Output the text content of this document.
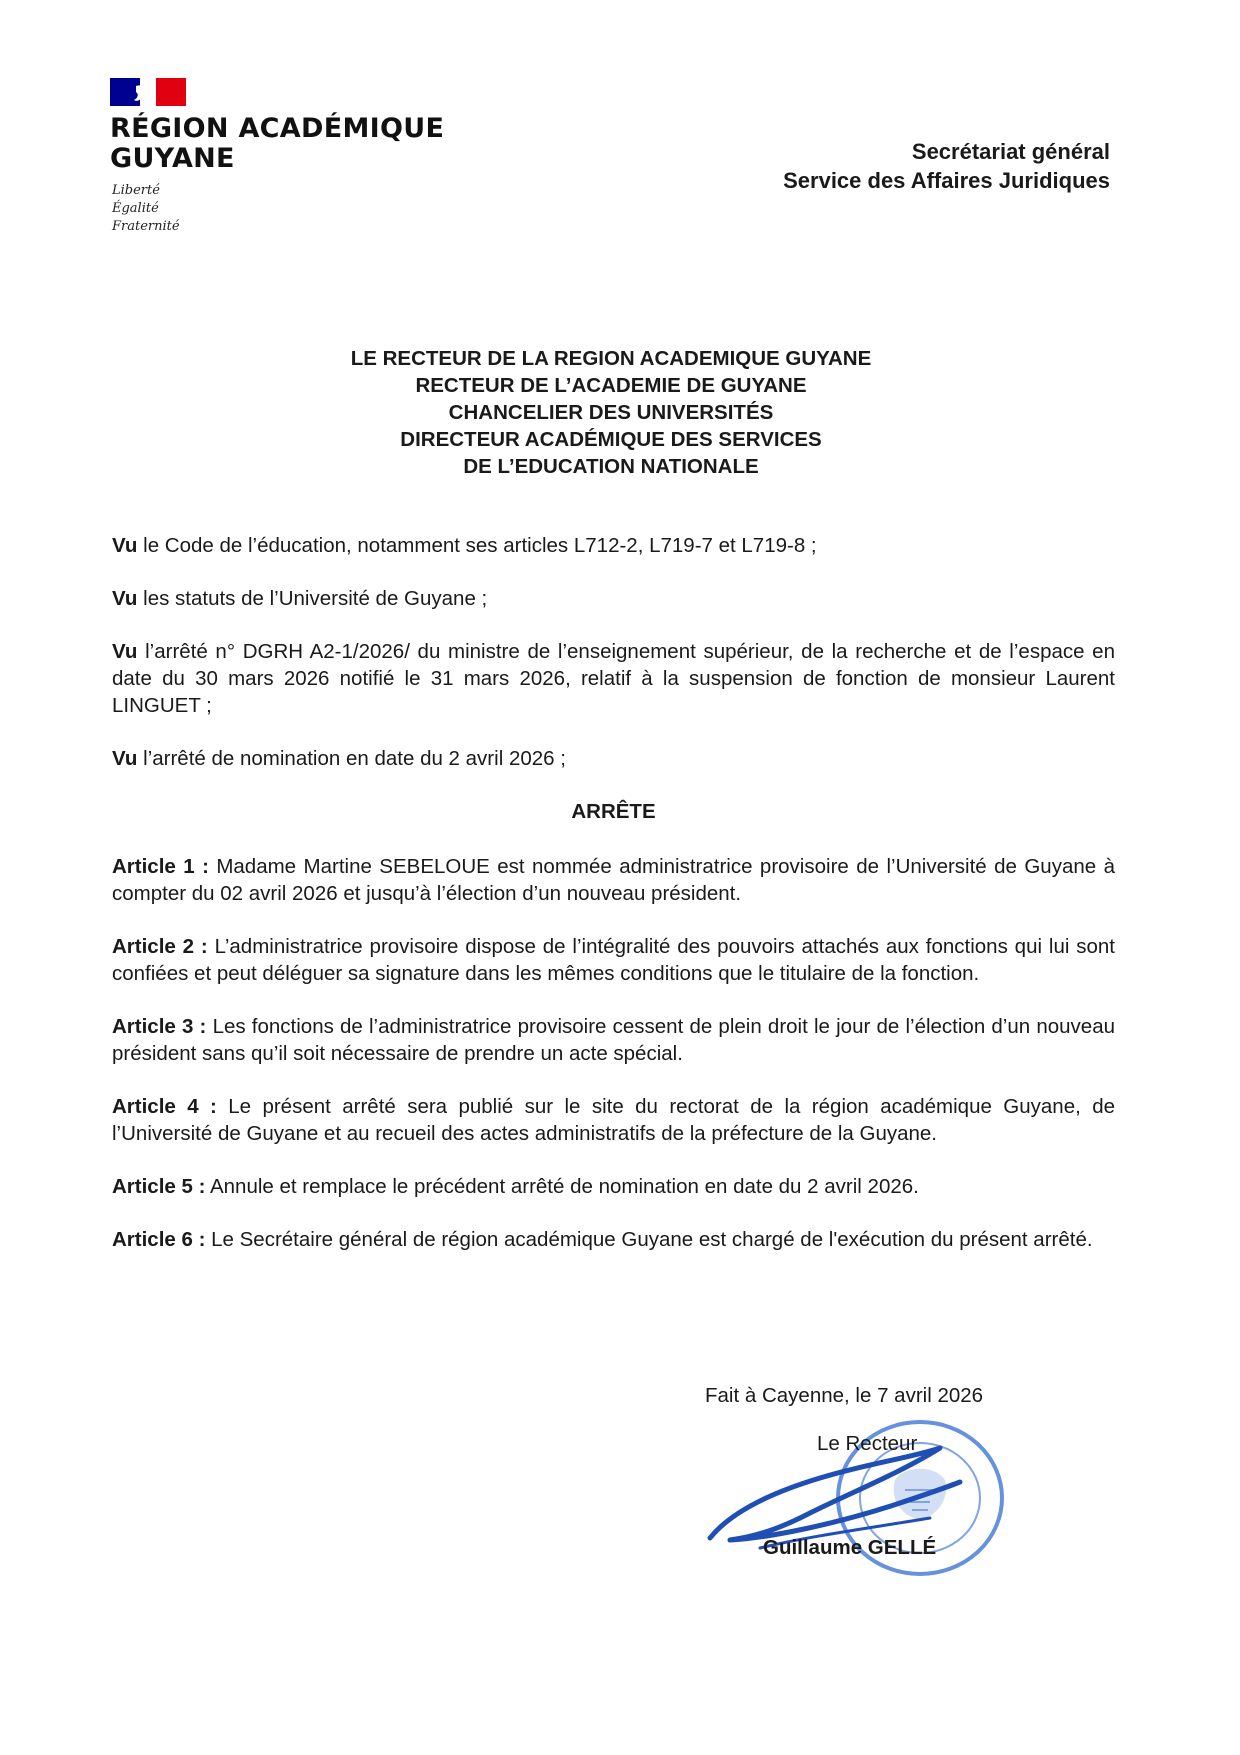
RÉGION ACADÉMIQUE
GUYANE
Liberté
Égalité
Fraternité
Secrétariat général
Service des Affaires Juridiques
LE RECTEUR DE LA REGION ACADEMIQUE GUYANE
RECTEUR DE L’ACADEMIE DE GUYANE
CHANCELIER DES UNIVERSITÉS
DIRECTEUR ACADÉMIQUE DES SERVICES
DE L’EDUCATION NATIONALE

Vu le Code de l’éducation, notamment ses articles L712-2, L719-7 et L719-8 ;

Vu les statuts de l’Université de Guyane ;

Vu l’arrêté n° DGRH A2-1/2026/ du ministre de l’enseignement supérieur, de la recherche et de l’espace en date du 30 mars 2026 notifié le 31 mars 2026, relatif à la suspension de fonction de monsieur Laurent LINGUET ;

Vu l’arrêté de nomination en date du 2 avril 2026 ;

ARRÊTE

Article 1 : Madame Martine SEBELOUE est nommée administratrice provisoire de l’Université de Guyane à compter du 02 avril 2026 et jusqu’à l’élection d’un nouveau président.

Article 2 : L’administratrice provisoire dispose de l’intégralité des pouvoirs attachés aux fonctions qui lui sont confiées et peut déléguer sa signature dans les mêmes conditions que le titulaire de la fonction.

Article 3 : Les fonctions de l’administratrice provisoire cessent de plein droit le jour de l’élection d’un nouveau président sans qu’il soit nécessaire de prendre un acte spécial.

Article 4 : Le présent arrêté sera publié sur le site du rectorat de la région académique Guyane, de l’Université de Guyane et au recueil des actes administratifs de la préfecture de la Guyane.

Article 5 : Annule et remplace le précédent arrêté de nomination en date du 2 avril 2026.

Article 6 : Le Secrétaire général de région académique Guyane est chargé de l'exécution du présent arrêté.

Fait à Cayenne, le 7 avril 2026
Le Recteur
Guillaume GELLÉ
